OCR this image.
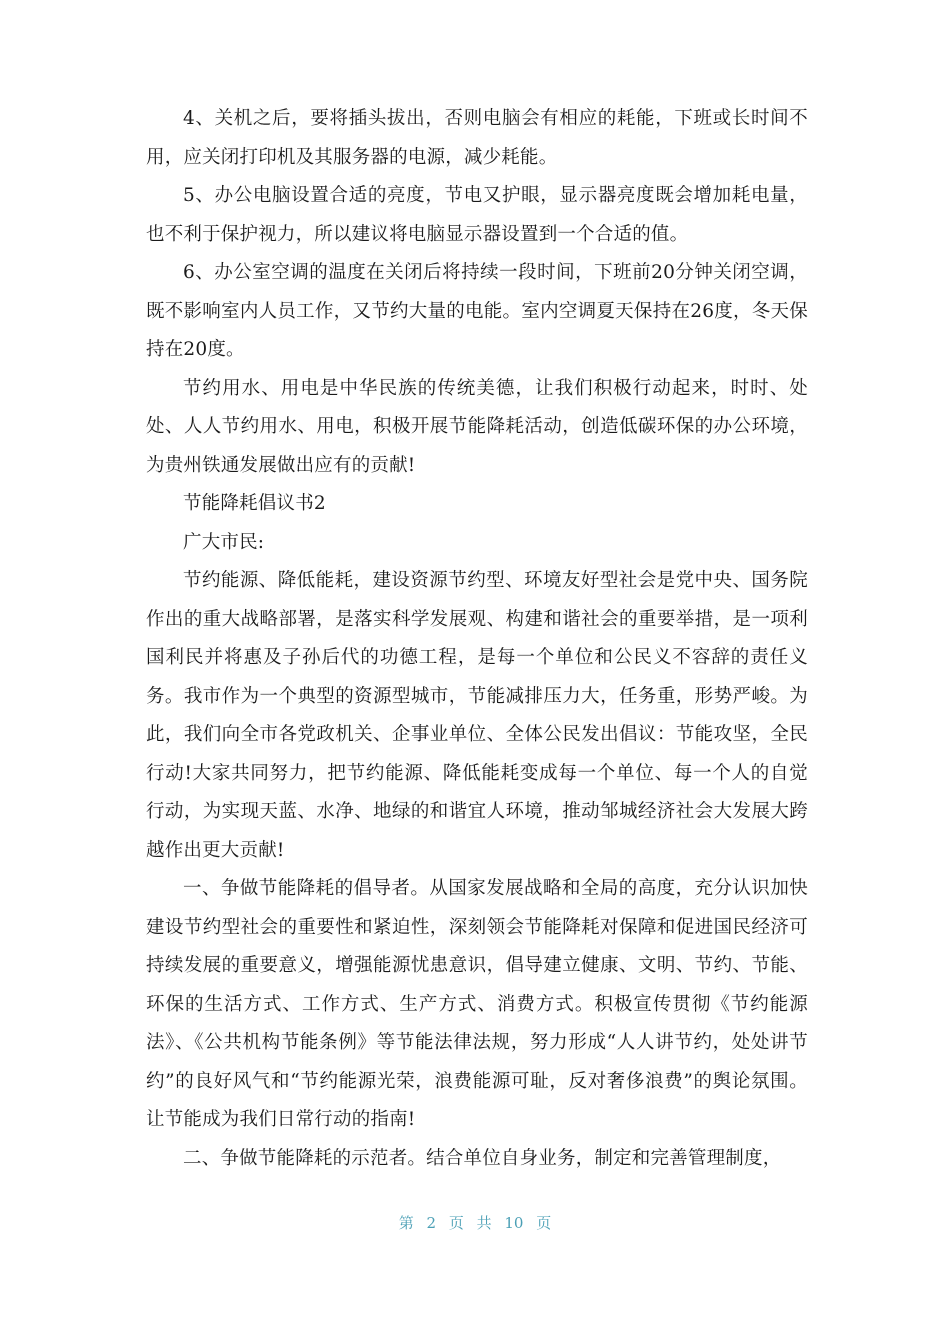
4、关机之后，要将插头拔出，否则电脑会有相应的耗能，下班或长时间不用，应关闭打印机及其服务器的电源，减少耗能。

5、办公电脑设置合适的亮度，节电又护眼，显示器亮度既会增加耗电量，也不利于保护视力，所以建议将电脑显示器设置到一个合适的值。

6、办公室空调的温度在关闭后将持续一段时间，下班前20分钟关闭空调，既不影响室内人员工作，又节约大量的电能。室内空调夏天保持在26度，冬天保持在20度。

节约用水、用电是中华民族的传统美德，让我们积极行动起来，时时、处处、人人节约用水、用电，积极开展节能降耗活动，创造低碳环保的办公环境，为贵州铁通发展做出应有的贡献!

节能降耗倡议书2

广大市民:

节约能源、降低能耗，建设资源节约型、环境友好型社会是党中央、国务院作出的重大战略部署，是落实科学发展观、构建和谐社会的重要举措，是一项利国利民并将惠及子孙后代的功德工程，是每一个单位和公民义不容辞的责任义务。我市作为一个典型的资源型城市，节能减排压力大，任务重，形势严峻。为此，我们向全市各党政机关、企事业单位、全体公民发出倡议：节能攻坚，全民行动!大家共同努力，把节约能源、降低能耗变成每一个单位、每一个人的自觉行动，为实现天蓝、水净、地绿的和谐宜人环境，推动邹城经济社会大发展大跨越作出更大贡献!

一、争做节能降耗的倡导者。从国家发展战略和全局的高度，充分认识加快建设节约型社会的重要性和紧迫性，深刻领会节能降耗对保障和促进国民经济可持续发展的重要意义，增强能源忧患意识，倡导建立健康、文明、节约、节能、环保的生活方式、工作方式、生产方式、消费方式。积极宣传贯彻《节约能源法》、《公共机构节能条例》等节能法律法规，努力形成“人人讲节约，处处讲节约”的良好风气和“节约能源光荣，浪费能源可耻，反对奢侈浪费”的舆论氛围。让节能成为我们日常行动的指南!

二、争做节能降耗的示范者。结合单位自身业务，制定和完善管理制度，

第 2 页 共 10 页
